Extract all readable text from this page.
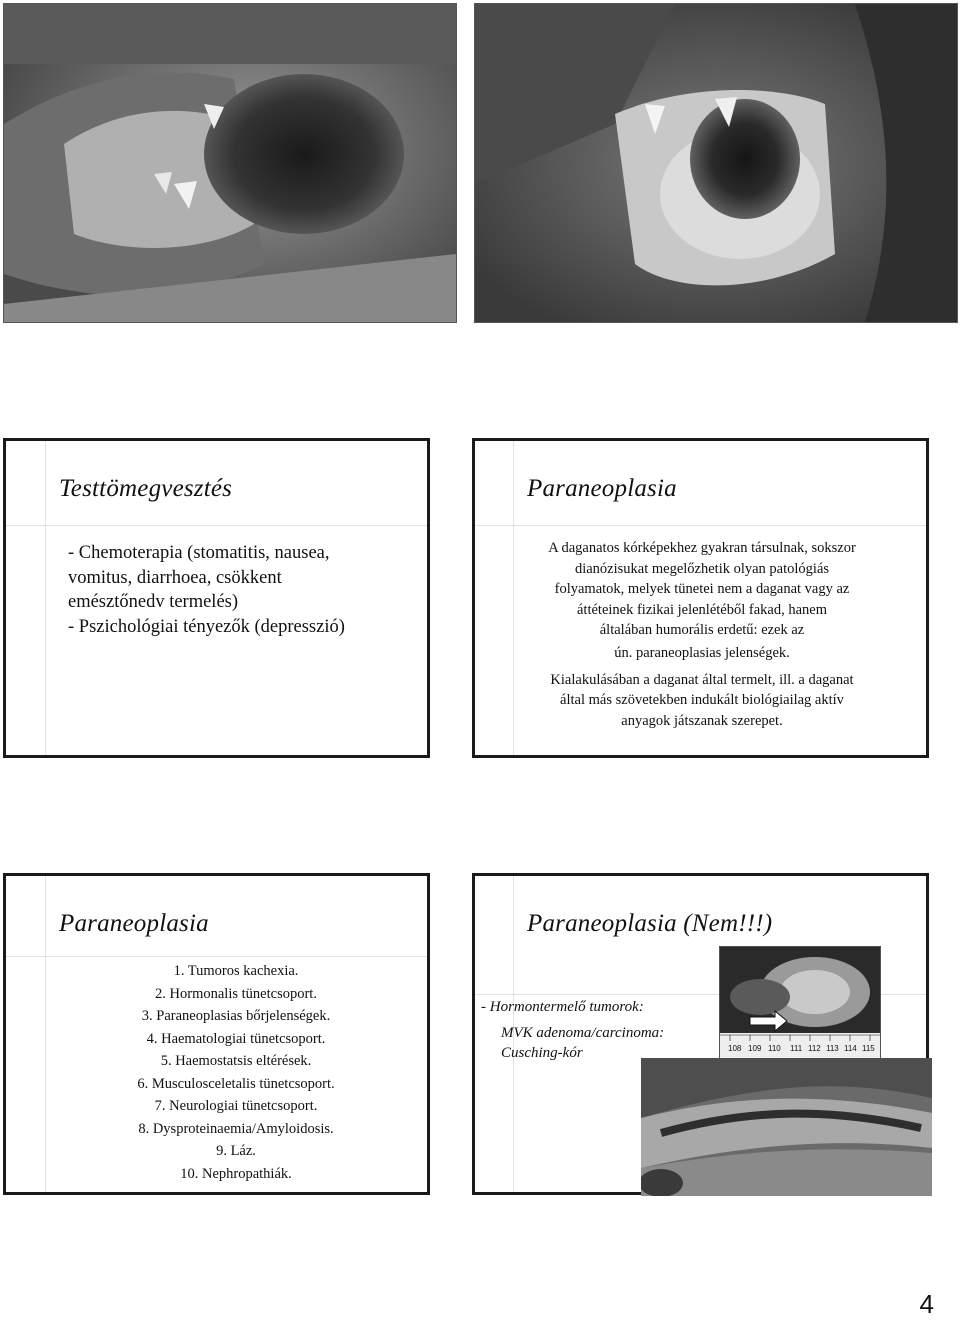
Testtömegvesztés
- Chemoterapia (stomatitis, nausea,
vomitus, diarrhoea, csökkent
emésztőnedv termelés)
- Pszichológiai tényezők (depresszió)
Paraneoplasia
A daganatos kórképekhez gyakran társulnak, sokszor
dianózisukat megelőzhetik olyan patológiás
folyamatok, melyek tünetei nem a daganat vagy az
áttéteinek fizikai jelenlétéből fakad, hanem
általában humorális erdetű: ezek az
ún. paraneoplasias jelenségek.
Kialakulásában a daganat által termelt, ill. a daganat
által más szövetekben indukált biológiailag aktív
anyagok játszanak szerepet.
Paraneoplasia
1. Tumoros kachexia.
2. Hormonalis tünetcsoport.
3. Paraneoplasias bőrjelenségek.
4. Haematologiai tünetcsoport.
5. Haemostatsis eltérések.
6. Musculosceletalis tünetcsoport.
7. Neurologiai tünetcsoport.
8. Dysproteinaemia/Amyloidosis.
9. Láz.
10. Nephropathiák.
Paraneoplasia (Nem!!!)
108 109 110 111 112 113 114 115
- Hormontermelő tumorok:
MVK adenoma/carcinoma:
Cusching-kór
4
